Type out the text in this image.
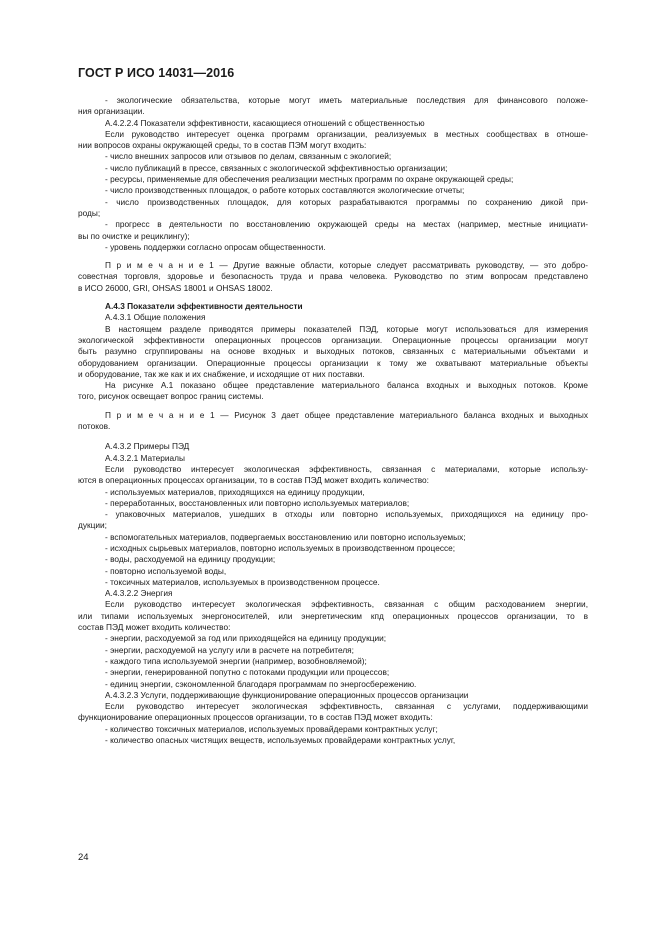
ГОСТ Р ИСО 14031—2016
- экологические обязательства, которые могут иметь материальные последствия для финансового положе-
ния организации.
А.4.2.2.4 Показатели эффективности, касающиеся отношений с общественностью
Если руководство интересует оценка программ организации, реализуемых в местных сообществах в отноше-
нии вопросов охраны окружающей среды, то в состав ПЭМ могут входить:
- число внешних запросов или отзывов по делам, связанным с экологией;
- число публикаций в прессе, связанных с экологической эффективностью организации;
- ресурсы, применяемые для обеспечения реализации местных программ по охране окружающей среды;
- число производственных площадок, о работе которых составляются экологические отчеты;
- число производственных площадок, для которых разрабатываются программы по сохранению дикой при-
роды;
- прогресс в деятельности по восстановлению окружающей среды на местах (например, местные инициати-
вы по очистке и рециклингу);
- уровень поддержки согласно опросам общественности.
П р и м е ч а н и е 1 — Другие важные области, которые следует рассматривать руководству, — это добро-
совестная торговля, здоровье и безопасность труда и права человека. Руководство по этим вопросам представлено
в ИСО 26000, GRI, OHSAS 18001 и OHSAS 18002.
А.4.3 Показатели эффективности деятельности
А.4.3.1 Общие положения
В настоящем разделе приводятся примеры показателей ПЭД, которые могут использоваться для измерения
экологической эффективности операционных процессов организации. Операционные процессы организации могут
быть разумно сгруппированы на основе входных и выходных потоков, связанных с материальными объектами и
оборудованием организации. Операционные процессы организации к тому же охватывают материальные объекты
и оборудование, так же как и их снабжение, и исходящие от них поставки.
На рисунке А.1 показано общее представление материального баланса входных и выходных потоков. Кроме
того, рисунок освещает вопрос границ системы.
П р и м е ч а н и е 1 — Рисунок 3 дает общее представление материального баланса входных и выходных
потоков.
А.4.3.2 Примеры ПЭД
А.4.3.2.1 Материалы
Если руководство интересует экологическая эффективность, связанная с материалами, которые использу-
ются в операционных процессах организации, то в состав ПЭД может входить количество:
- используемых материалов, приходящихся на единицу продукции,
- переработанных, восстановленных или повторно используемых материалов;
- упаковочных материалов, ушедших в отходы или повторно используемых, приходящихся на единицу про-
дукции;
- вспомогательных материалов, подвергаемых восстановлению или повторно используемых;
- исходных сырьевых материалов, повторно используемых в производственном процессе;
- воды, расходуемой на единицу продукции;
- повторно используемой воды,
- токсичных материалов, используемых в производственном процессе.
А.4.3.2.2 Энергия
Если руководство интересует экологическая эффективность, связанная с общим расходованием энергии,
или типами используемых энергоносителей, или энергетическим кпд операционных процессов организации, то в
состав ПЭД может входить количество:
- энергии, расходуемой за год или приходящейся на единицу продукции;
- энергии, расходуемой на услугу или в расчете на потребителя;
- каждого типа используемой энергии (например, возобновляемой);
- энергии, генерированной попутно с потоками продукции или процессов;
- единиц энергии, сэкономленной благодаря программам по энергосбережению.
А.4.3.2.3 Услуги, поддерживающие функционирование операционных процессов организации
Если руководство интересует экологическая эффективность, связанная с услугами, поддерживающими
функционирование операционных процессов организации, то в состав ПЭД может входить:
- количество токсичных материалов, используемых провайдерами контрактных услуг;
- количество опасных чистящих веществ, используемых провайдерами контрактных услуг,
24
